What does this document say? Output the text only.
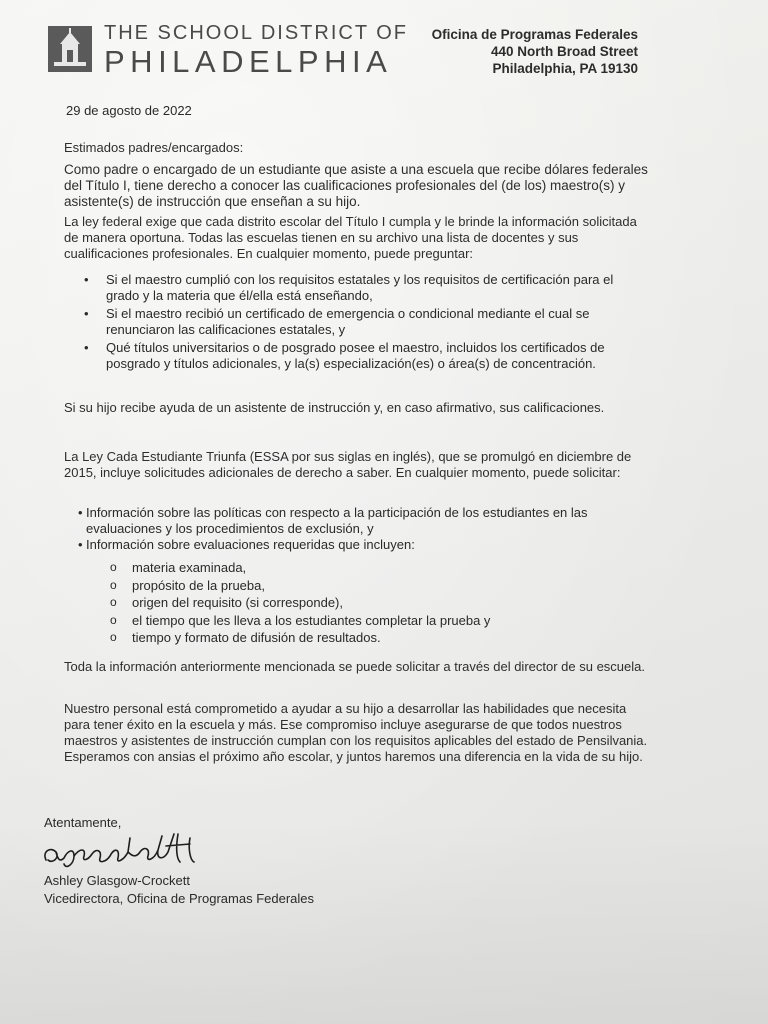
THE SCHOOL DISTRICT OF
PHILADELPHIA
Oficina de Programas Federales
440 North Broad Street
Philadelphia, PA 19130
29 de agosto de 2022
Estimados padres/encargados:
Como padre o encargado de un estudiante que asiste a una escuela que recibe dólares federales del Título I, tiene derecho a conocer las cualificaciones profesionales del (de los) maestro(s) y asistente(s) de instrucción que enseñan a su hijo.
La ley federal exige que cada distrito escolar del Título I cumpla y le brinde la información solicitada de manera oportuna. Todas las escuelas tienen en su archivo una lista de docentes y sus cualificaciones profesionales. En cualquier momento, puede preguntar:
• Si el maestro cumplió con los requisitos estatales y los requisitos de certificación para el grado y la materia que él/ella está enseñando,
• Si el maestro recibió un certificado de emergencia o condicional mediante el cual se renunciaron las calificaciones estatales, y
• Qué títulos universitarios o de posgrado posee el maestro, incluidos los certificados de posgrado y títulos adicionales, y la(s) especialización(es) o área(s) de concentración.
Si su hijo recibe ayuda de un asistente de instrucción y, en caso afirmativo, sus calificaciones.
La Ley Cada Estudiante Triunfa (ESSA por sus siglas en inglés), que se promulgó en diciembre de 2015, incluye solicitudes adicionales de derecho a saber. En cualquier momento, puede solicitar:
• Información sobre las políticas con respecto a la participación de los estudiantes en las evaluaciones y los procedimientos de exclusión, y
• Información sobre evaluaciones requeridas que incluyen:
o materia examinada,
o propósito de la prueba,
o origen del requisito (si corresponde),
o el tiempo que les lleva a los estudiantes completar la prueba y
o tiempo y formato de difusión de resultados.
Toda la información anteriormente mencionada se puede solicitar a través del director de su escuela.
Nuestro personal está comprometido a ayudar a su hijo a desarrollar las habilidades que necesita para tener éxito en la escuela y más. Ese compromiso incluye asegurarse de que todos nuestros maestros y asistentes de instrucción cumplan con los requisitos aplicables del estado de Pensilvania. Esperamos con ansias el próximo año escolar, y juntos haremos una diferencia en la vida de su hijo.
Atentamente,
Ashley Glasgow-Crockett
Vicedirectora, Oficina de Programas Federales
